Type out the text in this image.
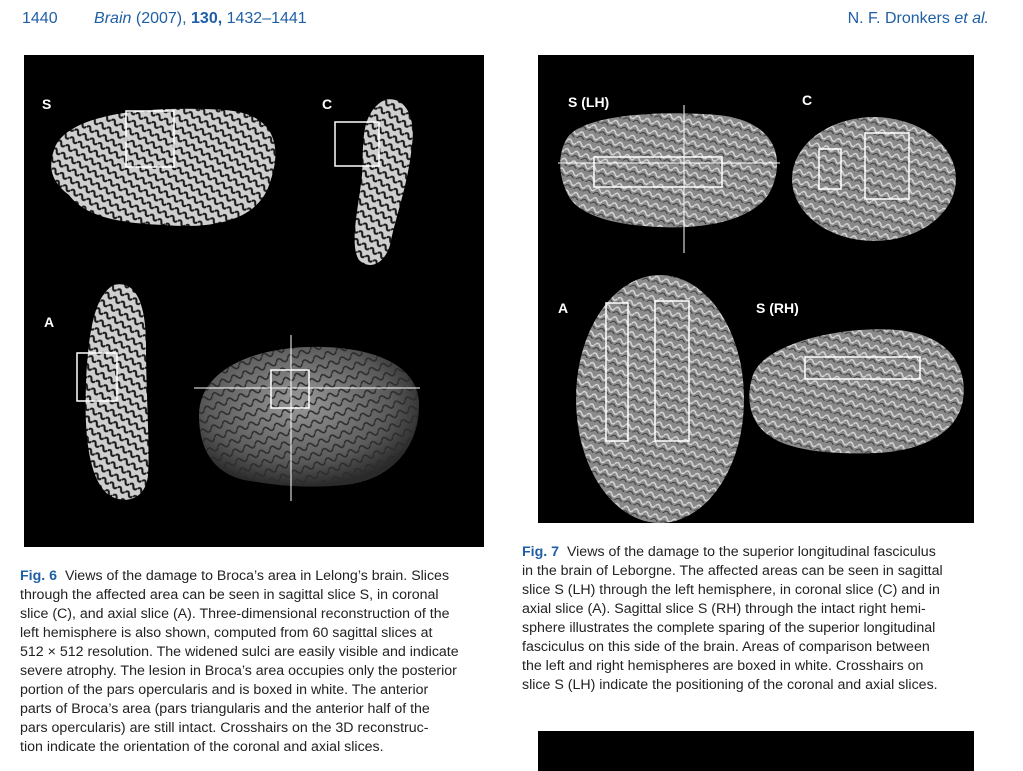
1440 Brain (2007), 130, 1432–1441	N. F. Dronkers et al.
S	C
A
S (LH)	C
A	S (RH)
Fig. 6 Views of the damage to Broca’s area in Lelong’s brain. Slices
through the affected area can be seen in sagittal slice S, in coronal
slice (C), and axial slice (A). Three-dimensional reconstruction of the
left hemisphere is also shown, computed from 60 sagittal slices at
512 × 512 resolution. The widened sulci are easily visible and indicate
severe atrophy. The lesion in Broca’s area occupies only the posterior
portion of the pars opercularis and is boxed in white. The anterior
parts of Broca’s area (pars triangularis and the anterior half of the
pars opercularis) are still intact. Crosshairs on the 3D reconstruc-
tion indicate the orientation of the coronal and axial slices.
Fig. 7 Views of the damage to the superior longitudinal fasciculus
in the brain of Leborgne. The affected areas can be seen in sagittal
slice S (LH) through the left hemisphere, in coronal slice (C) and in
axial slice (A). Sagittal slice S (RH) through the intact right hemi-
sphere illustrates the complete sparing of the superior longitudinal
fasciculus on this side of the brain. Areas of comparison between
the left and right hemispheres are boxed in white. Crosshairs on
slice S (LH) indicate the positioning of the coronal and axial slices.
